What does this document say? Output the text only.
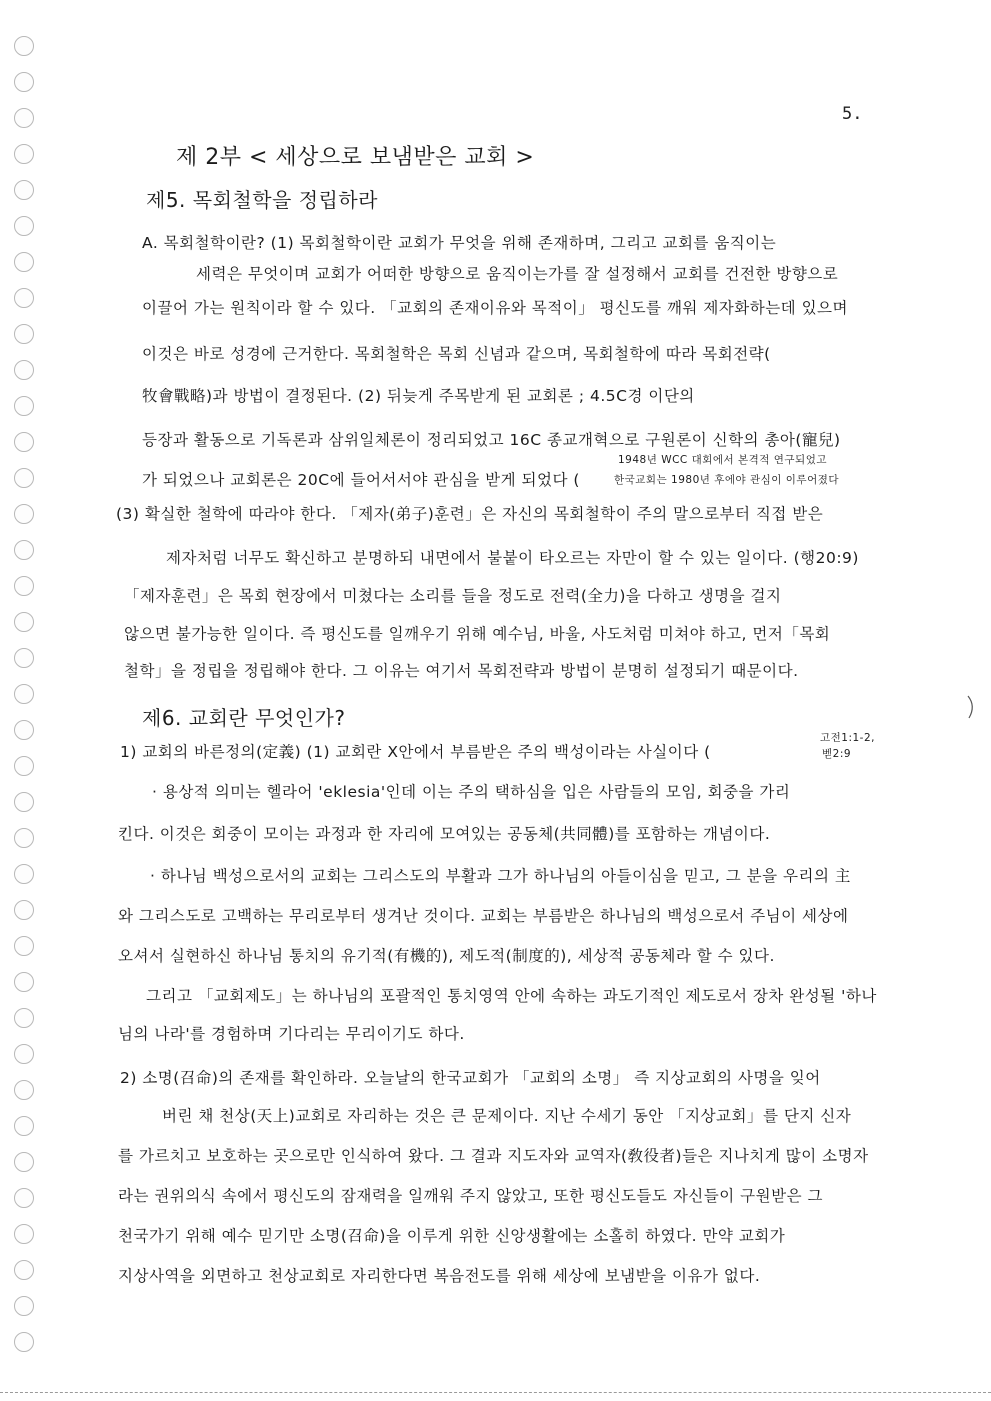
5.
제 2부 < 세상으로 보냄받은 교회 >
제5. 목회철학을 정립하라
A. 목회철학이란? (1) 목회철학이란 교회가 무엇을 위해 존재하며, 그리고 교회를 움직이는
세력은 무엇이며 교회가 어떠한 방향으로 움직이는가를 잘 설정해서 교회를 건전한 방향으로
이끌어 가는 원칙이라 할 수 있다. 「교회의 존재이유와 목적이」 평신도를 깨워 제자화하는데 있으며
이것은 바로 성경에 근거한다. 목회철학은 목회 신념과 같으며, 목회철학에 따라 목회전략(
牧會戰略)과 방법이 결정된다. (2) 뒤늦게 주목받게 된 교회론 ; 4.5C경 이단의
등장과 활동으로 기독론과 삼위일체론이 정리되었고 16C 종교개혁으로 구원론이 신학의 총아(寵兒)
가 되었으나 교회론은 20C에 들어서서야 관심을 받게 되었다 (
1948년 WCC 대회에서 본격적 연구되었고
한국교회는 1980년 후에야 관심이 이루어졌다
(3) 확실한 철학에 따라야 한다. 「제자(弟子)훈련」은 자신의 목회철학이 주의 말으로부터 직접 받은
제자처럼 너무도 확신하고 분명하되 내면에서 불붙이 타오르는 자만이 할 수 있는 일이다. (행20:9)
「제자훈련」은 목회 현장에서 미쳤다는 소리를 들을 정도로 전력(全力)을 다하고 생명을 걸지
않으면 불가능한 일이다. 즉 평신도를 일깨우기 위해 예수님, 바울, 사도처럼 미쳐야 하고, 먼저「목회
철학」을 정립을 정립해야 한다. 그 이유는 여기서 목회전략과 방법이 분명히 설정되기 때문이다.
제6. 교회란 무엇인가?
1) 교회의 바른정의(定義) (1) 교회란 X안에서 부름받은 주의 백성이라는 사실이다 (
고전1:1-2,
벧2:9
· 용상적 의미는 헬라어 'eklesia'인데 이는 주의 택하심을 입은 사람들의 모임, 회중을 가리
킨다. 이것은 회중이 모이는 과정과 한 자리에 모여있는 공동체(共同體)를 포함하는 개념이다.
· 하나님 백성으로서의 교회는 그리스도의 부활과 그가 하나님의 아들이심을 믿고, 그 분을 우리의 主
와 그리스도로 고백하는 무리로부터 생겨난 것이다. 교회는 부름받은 하나님의 백성으로서 주님이 세상에
오셔서 실현하신 하나님 통치의 유기적(有機的), 제도적(制度的), 세상적 공동체라 할 수 있다.
그리고 「교회제도」는 하나님의 포괄적인 통치영역 안에 속하는 과도기적인 제도로서 장차 완성될 '하나
님의 나라'를 경험하며 기다리는 무리이기도 하다.
2) 소명(召命)의 존재를 확인하라. 오늘날의 한국교회가 「교회의 소명」 즉 지상교회의 사명을 잊어
버린 채 천상(天上)교회로 자리하는 것은 큰 문제이다. 지난 수세기 동안 「지상교회」를 단지 신자
를 가르치고 보호하는 곳으로만 인식하여 왔다. 그 결과 지도자와 교역자(敎役者)들은 지나치게 많이 소명자
라는 권위의식 속에서 평신도의 잠재력을 일깨워 주지 않았고, 또한 평신도들도 자신들이 구원받은 그
천국가기 위해 예수 믿기만 소명(召命)을 이루게 위한 신앙생활에는 소홀히 하였다. 만약 교회가
지상사역을 외면하고 천상교회로 자리한다면 복음전도를 위해 세상에 보냄받을 이유가 없다.
